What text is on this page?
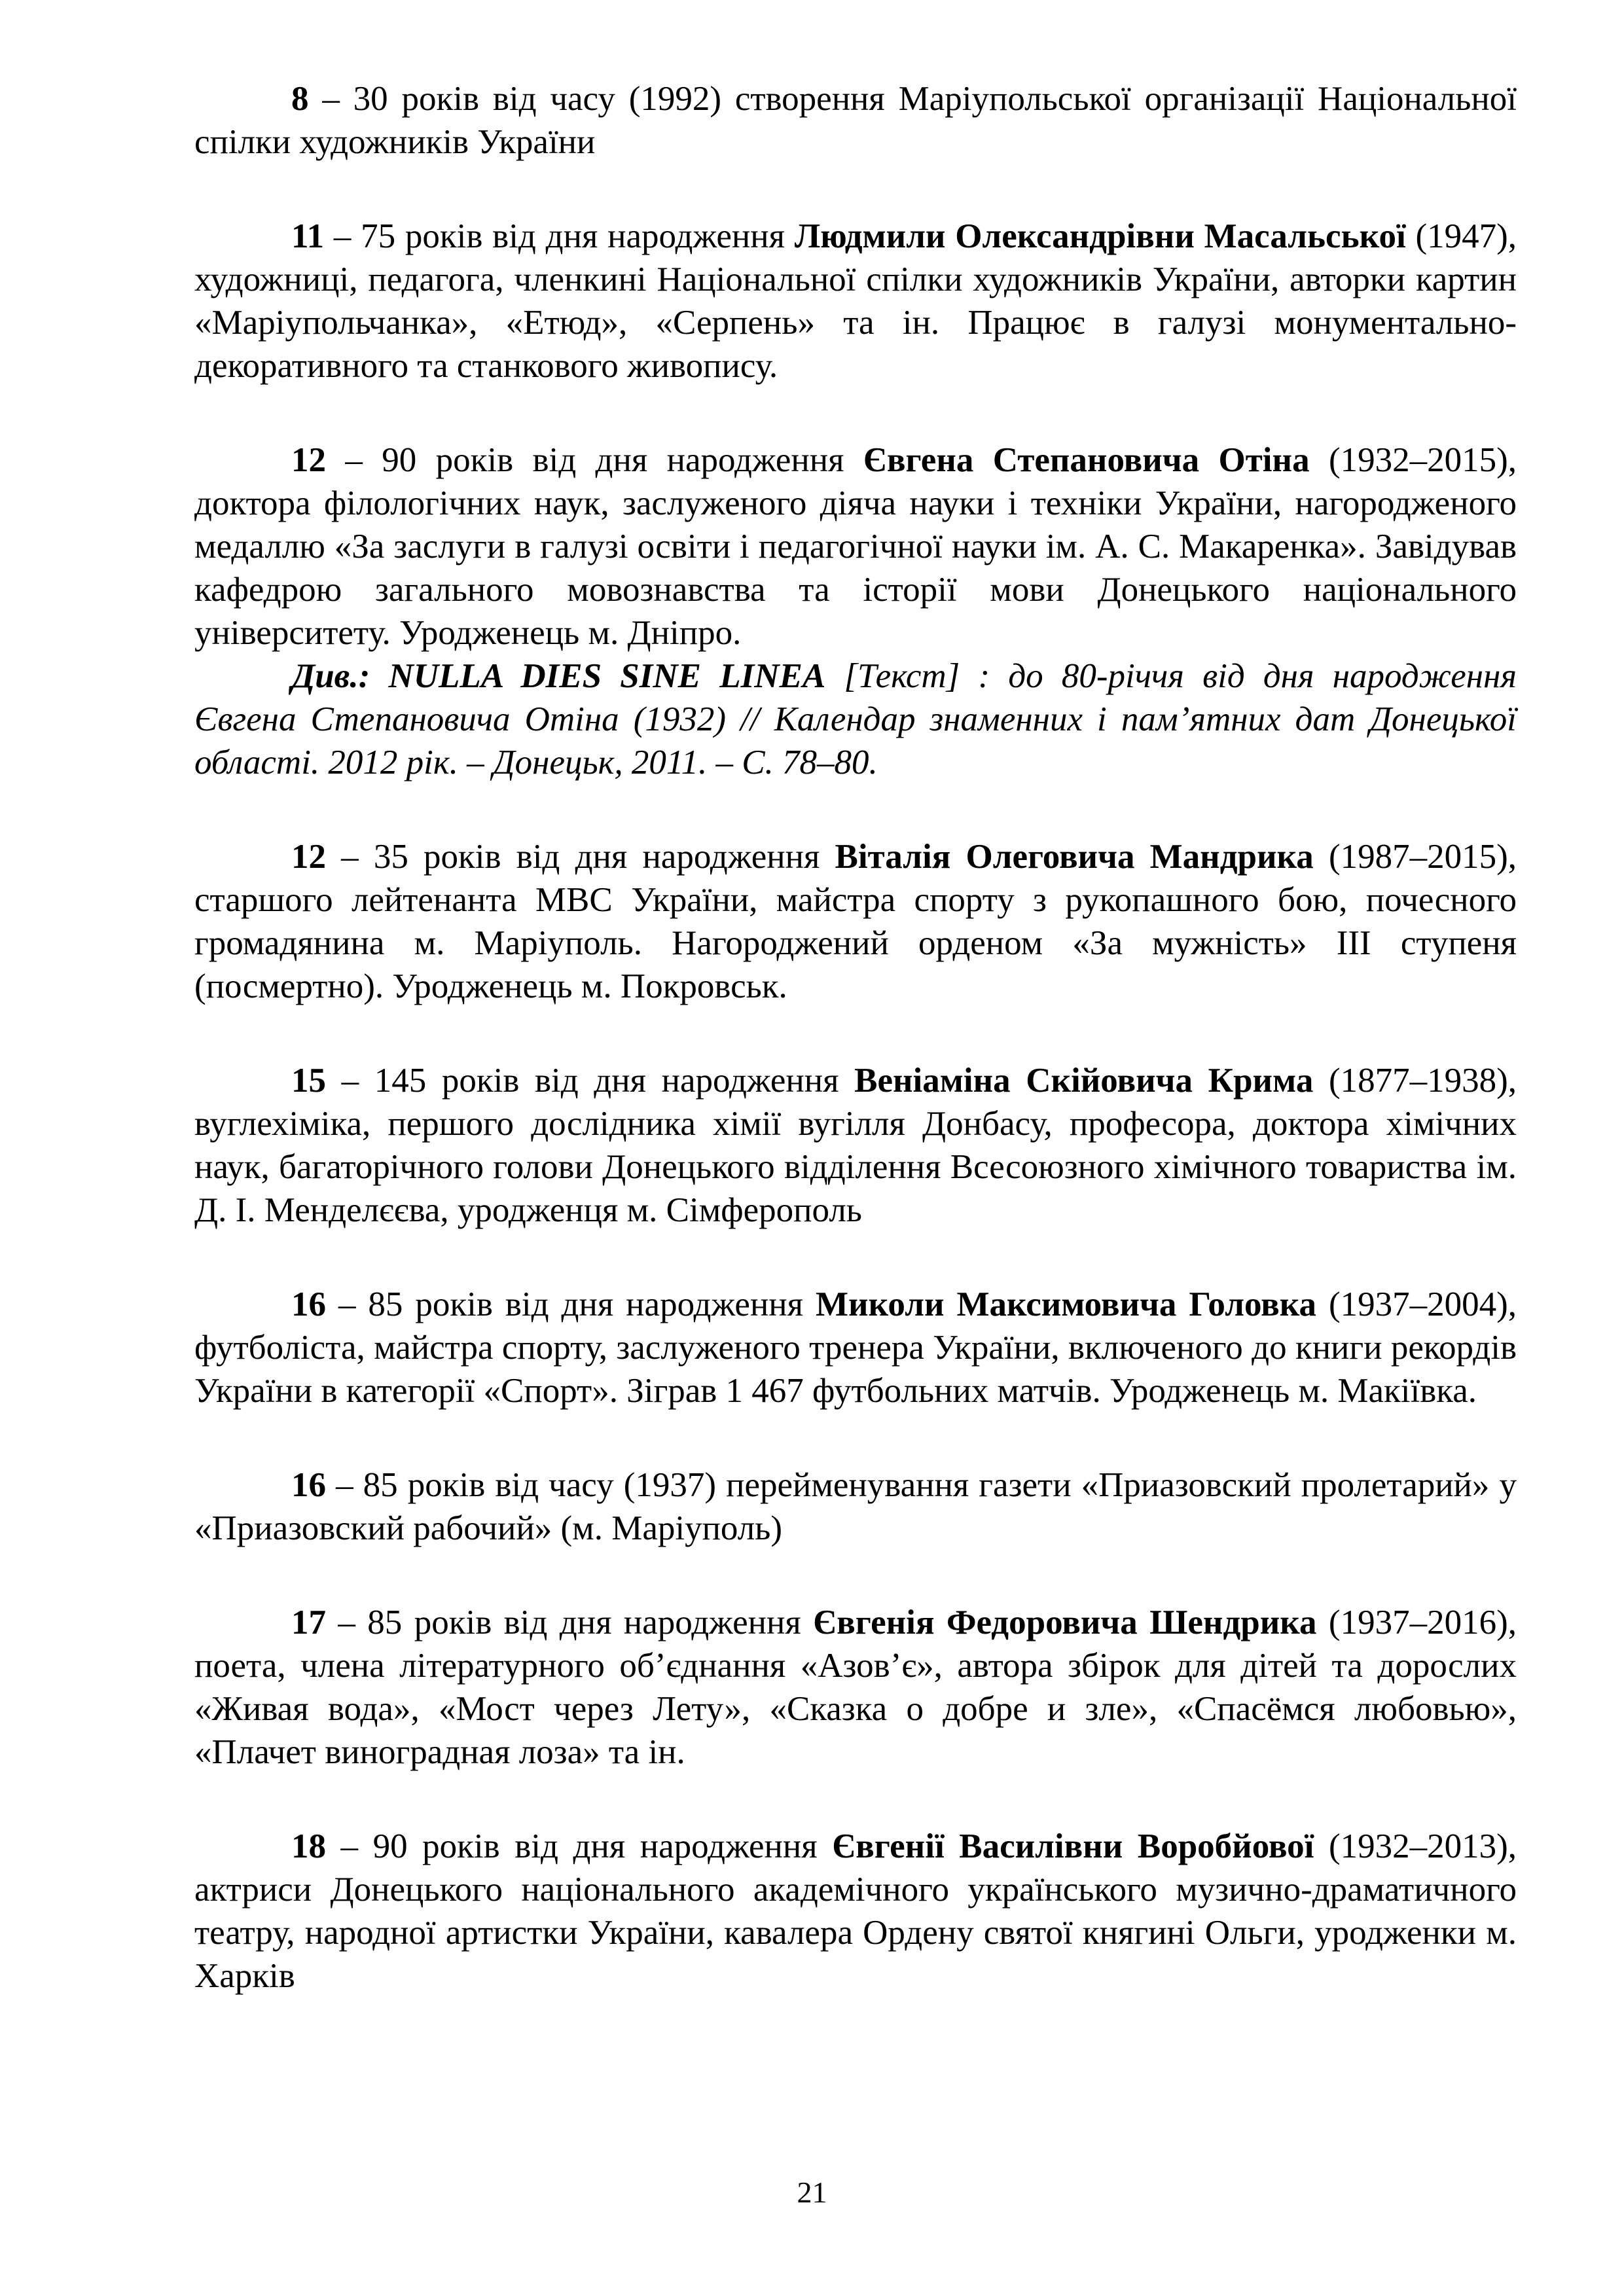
8 – 30 років від часу (1992) створення Маріупольської організації Національної спілки художників України

11 – 75 років від дня народження Людмили Олександрівни Масальської (1947), художниці, педагога, членкині Національної спілки художників України, авторки картин «Маріупольчанка», «Етюд», «Серпень» та ін. Працює в галузі монументально-декоративного та станкового живопису.

12 – 90 років від дня народження Євгена Степановича Отіна (1932–2015), доктора філологічних наук, заслуженого діяча науки і техніки України, нагородженого медаллю «За заслуги в галузі освіти і педагогічної науки ім. А. С. Макаренка». Завідував кафедрою загального мовознавства та історії мови Донецького національного університету. Уродженець м. Дніпро.

Див.: NULLA DIES SINE LINEA [Текст] : до 80-річчя від дня народження Євгена Степановича Отіна (1932) // Календар знаменних і пам’ятних дат Донецької області. 2012 рік. – Донецьк, 2011. – С. 78–80.

12 – 35 років від дня народження Віталія Олеговича Мандрика (1987–2015), старшого лейтенанта МВС України, майстра спорту з рукопашного бою, почесного громадянина м. Маріуполь. Нагороджений орденом «За мужність» ІІІ ступеня (посмертно). Уродженець м. Покровськ.

15 – 145 років від дня народження Веніаміна Скійовича Крима (1877–1938), вуглехіміка, першого дослідника хімії вугілля Донбасу, професора, доктора хімічних наук, багаторічного голови Донецького відділення Всесоюзного хімічного товариства ім. Д. І. Менделєєва, уродженця м. Сімферополь

16 – 85 років від дня народження Миколи Максимовича Головка (1937–2004), футболіста, майстра спорту, заслуженого тренера України, включеного до книги рекордів України в категорії «Спорт». Зіграв 1 467 футбольних матчів. Уродженець м. Макіївка.

16 – 85 років від часу (1937) перейменування газети «Приазовский пролетарий» у «Приазовский рабочий» (м. Маріуполь)

17 – 85 років від дня народження Євгенія Федоровича Шендрика (1937–2016), поета, члена літературного об’єднання «Азов’є», автора збірок для дітей та дорослих «Живая вода», «Мост через Лету», «Сказка о добре и зле», «Спасёмся любовью», «Плачет виноградная лоза» та ін.

18 – 90 років від дня народження Євгенії Василівни Воробйової (1932–2013), актриси Донецького національного академічного українського музично-драматичного театру, народної артистки України, кавалера Ордену святої княгині Ольги, уродженки м. Харків

21
